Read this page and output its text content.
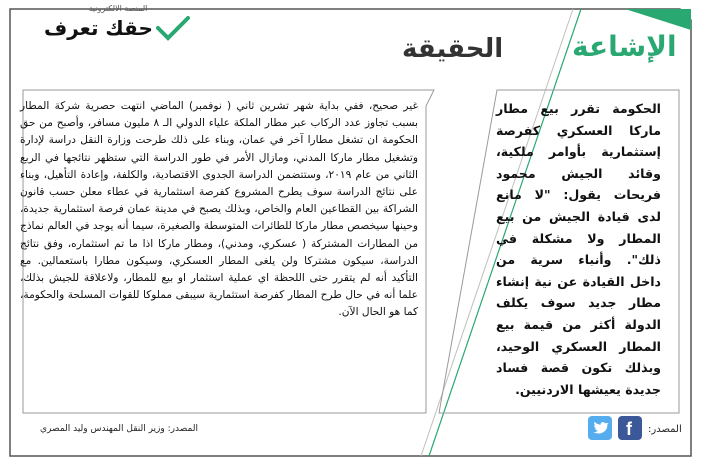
المنصة الالكترونية
حقك تعرف
الحقيقة الإشاعة
غير صحيح، ففي بداية شهر تشرين ثاني ( نوفمبر) الماضي انتهت حصرية شركة المطار بسبب تجاوز عدد الركاب عبر مطار الملكة علياء الدولي الـ ٨ مليون مسافر، وأصبح من حق الحكومة ان تشغل مطارا آخر في عمان، وبناء على ذلك طرحت وزارة النقل دراسة لإدارة وتشغيل مطار ماركا المدني، ومازال الأمر في طور الدراسة التي ستظهر نتائجها في الربع الثاني من عام ٢٠١٩، وستتضمن الدراسة الجدوى الاقتصادية، والكلفة، وإعادة التأهيل، وبناء على نتائج الدراسة سوف يطرح المشروع كفرصة استثمارية في عطاء معلن حسب قانون الشراكة بين القطاعين العام والخاص، وبذلك يصبح في مدينة عمان فرصة استثمارية جديدة، وحينها سيخصص مطار ماركا للطائرات المتوسطة والصغيرة، سيما أنه يوجد في العالم نماذج من المطارات المشتركة ( عسكري، ومدني)، ومطار ماركا اذا ما تم استثماره، وفق نتائج الدراسة، سيكون مشتركا ولن يلغى المطار العسكري، وسيكون مطارا باستعمالين. مع التأكيد أنه لم يتقرر حتى اللحظة اي عملية استثمار او بيع للمطار، ولاعلاقة للجيش بذلك، علما أنه في حال طرح المطار كفرصة استثمارية سيبقى مملوكا للقوات المسلحة والحكومة، كما هو الحال الآن.
الحكومة تقرر بيع مطار ماركا العسكري كفرصة إستثمارية بأوامر ملكية، وقائد الجيش محمود فريحات يقول: "لا مانع لدى قيادة الجيش من بيع المطار ولا مشكلة في ذلك". وأنباء سرية من داخل القيادة عن نية إنشاء مطار جديد سوف يكلف الدولة أكثر من قيمة بيع المطار العسكري الوحيد، وبذلك تكون قصة فساد جديدة يعيشها الاردنيين.
المصدر: وزير النقل المهندس وليد المصري	المصدر:
f
